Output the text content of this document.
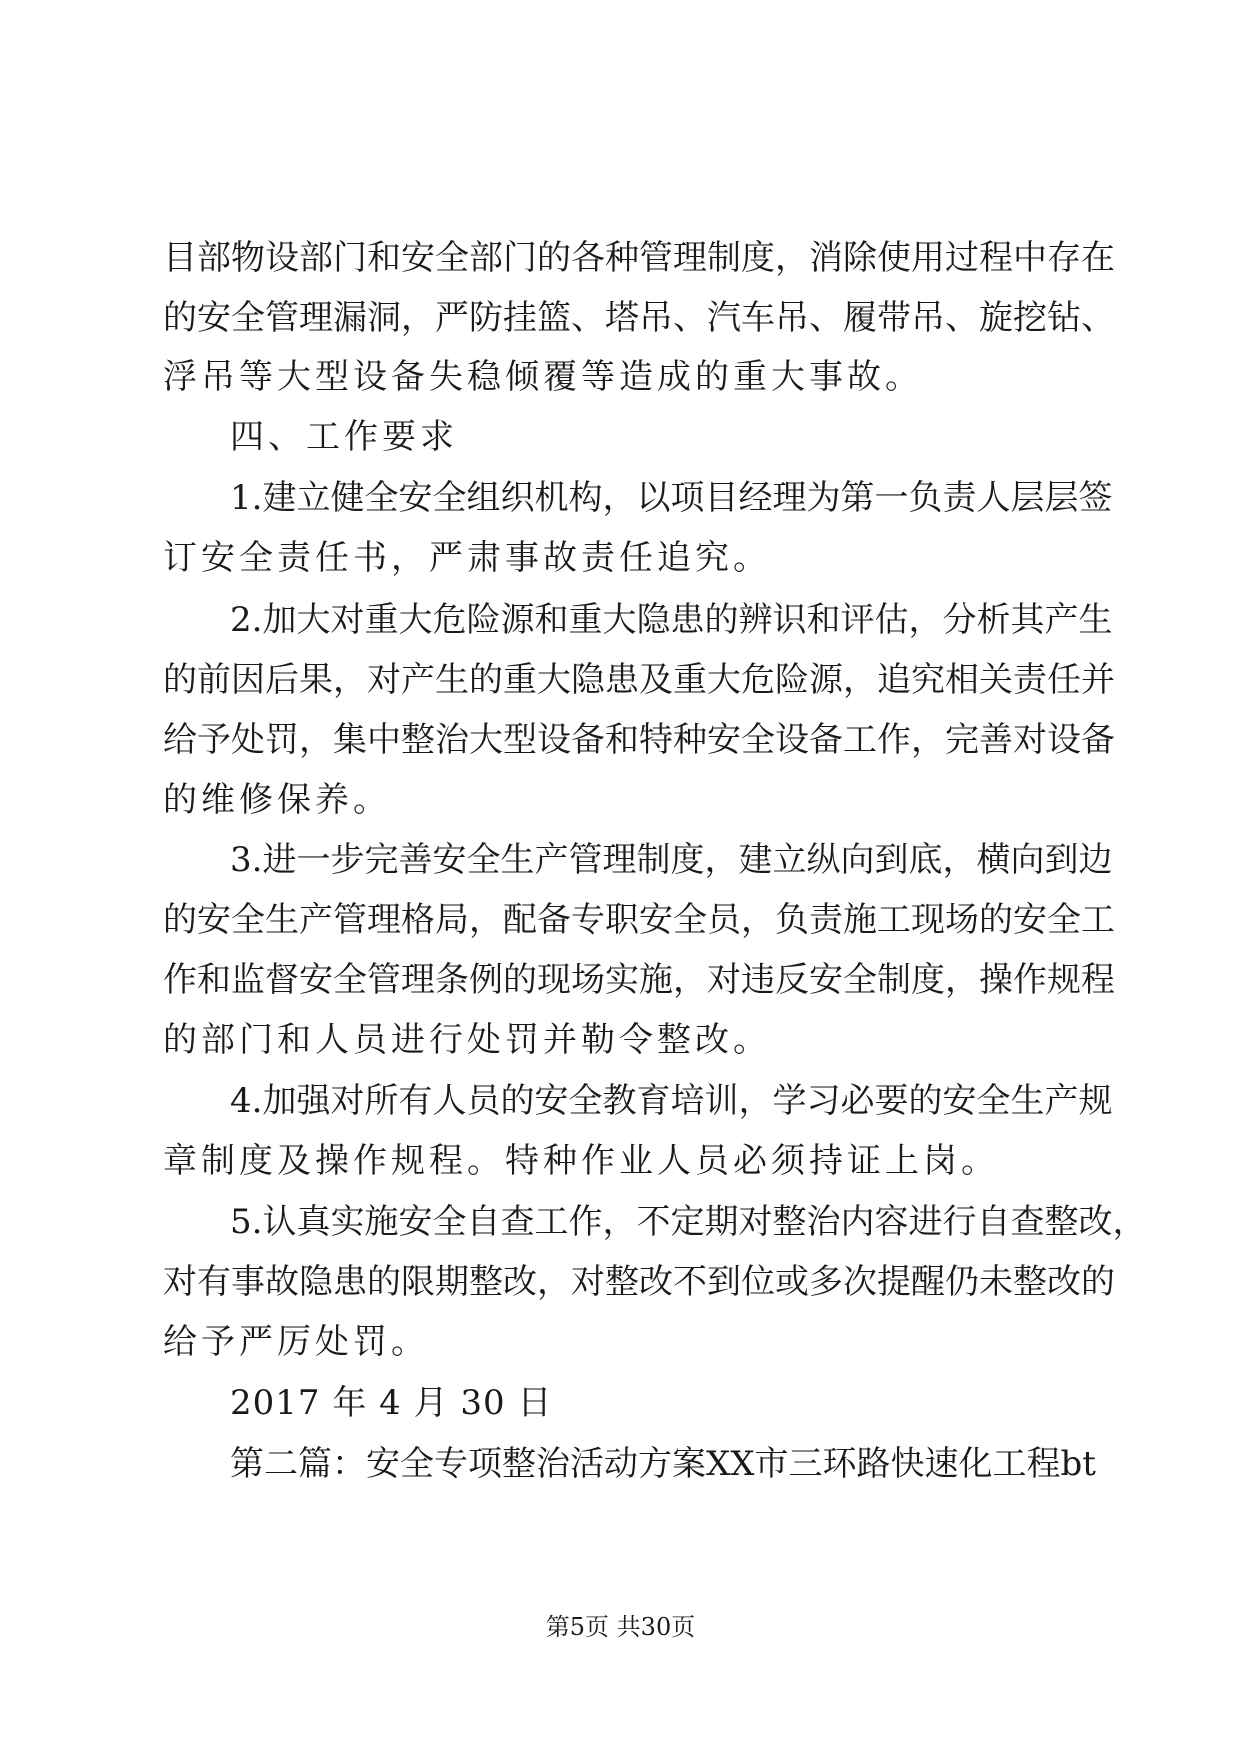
目 部 物 设 部 门 和 安 全 部 门 的 各 种 管 理 制 度 ， 消 除 使 用 过 程 中 存 在
的 安 全 管 理 漏 洞 ， 严 防 挂 篮 、 塔 吊 、 汽 车 吊 、 履 带 吊 、 旋 挖 钻 、
浮吊等大型设备失稳倾覆等造成的重大事故。
四、工作要求
1 . 建 立 健 全 安 全 组 织 机 构 ， 以 项 目 经 理 为 第 一 负 责 人 层 层 签
订安全责任书，严肃事故责任追究。
2 . 加 大 对 重 大 危 险 源 和 重 大 隐 患 的 辨 识 和 评 估 ， 分 析 其 产 生
的 前 因 后 果 ， 对 产 生 的 重 大 隐 患 及 重 大 危 险 源 ， 追 究 相 关 责 任 并
给 予 处 罚 ， 集 中 整 治 大 型 设 备 和 特 种 安 全 设 备 工 作 ， 完 善 对 设 备
的维修保养。
3 . 进 一 步 完 善 安 全 生 产 管 理 制 度 ， 建 立 纵 向 到 底 ， 横 向 到 边
的 安 全 生 产 管 理 格 局 ， 配 备 专 职 安 全 员 ， 负 责 施 工 现 场 的 安 全 工
作 和 监 督 安 全 管 理 条 例 的 现 场 实 施 ， 对 违 反 安 全 制 度 ， 操 作 规 程
的部门和人员进行处罚并勒令整改。
4 . 加 强 对 所 有 人 员 的 安 全 教 育 培 训 ， 学 习 必 要 的 安 全 生 产 规
章制度及操作规程。特种作业人员必须持证上岗。
5 . 认 真 实 施 安 全 自 查 工 作 ， 不 定 期 对 整 治 内 容 进 行 自 查 整 改 ，
对 有 事 故 隐 患 的 限 期 整 改 ， 对 整 改 不 到 位 或 多 次 提 醒 仍 未 整 改 的
给予严厉处罚。
2017 年 4 月 30 日
第 二 篇 ： 安 全 专 项 整 治 活 动 方 案 X X 市 三 环 路 快 速 化 工 程 b t
第5页 共30页
